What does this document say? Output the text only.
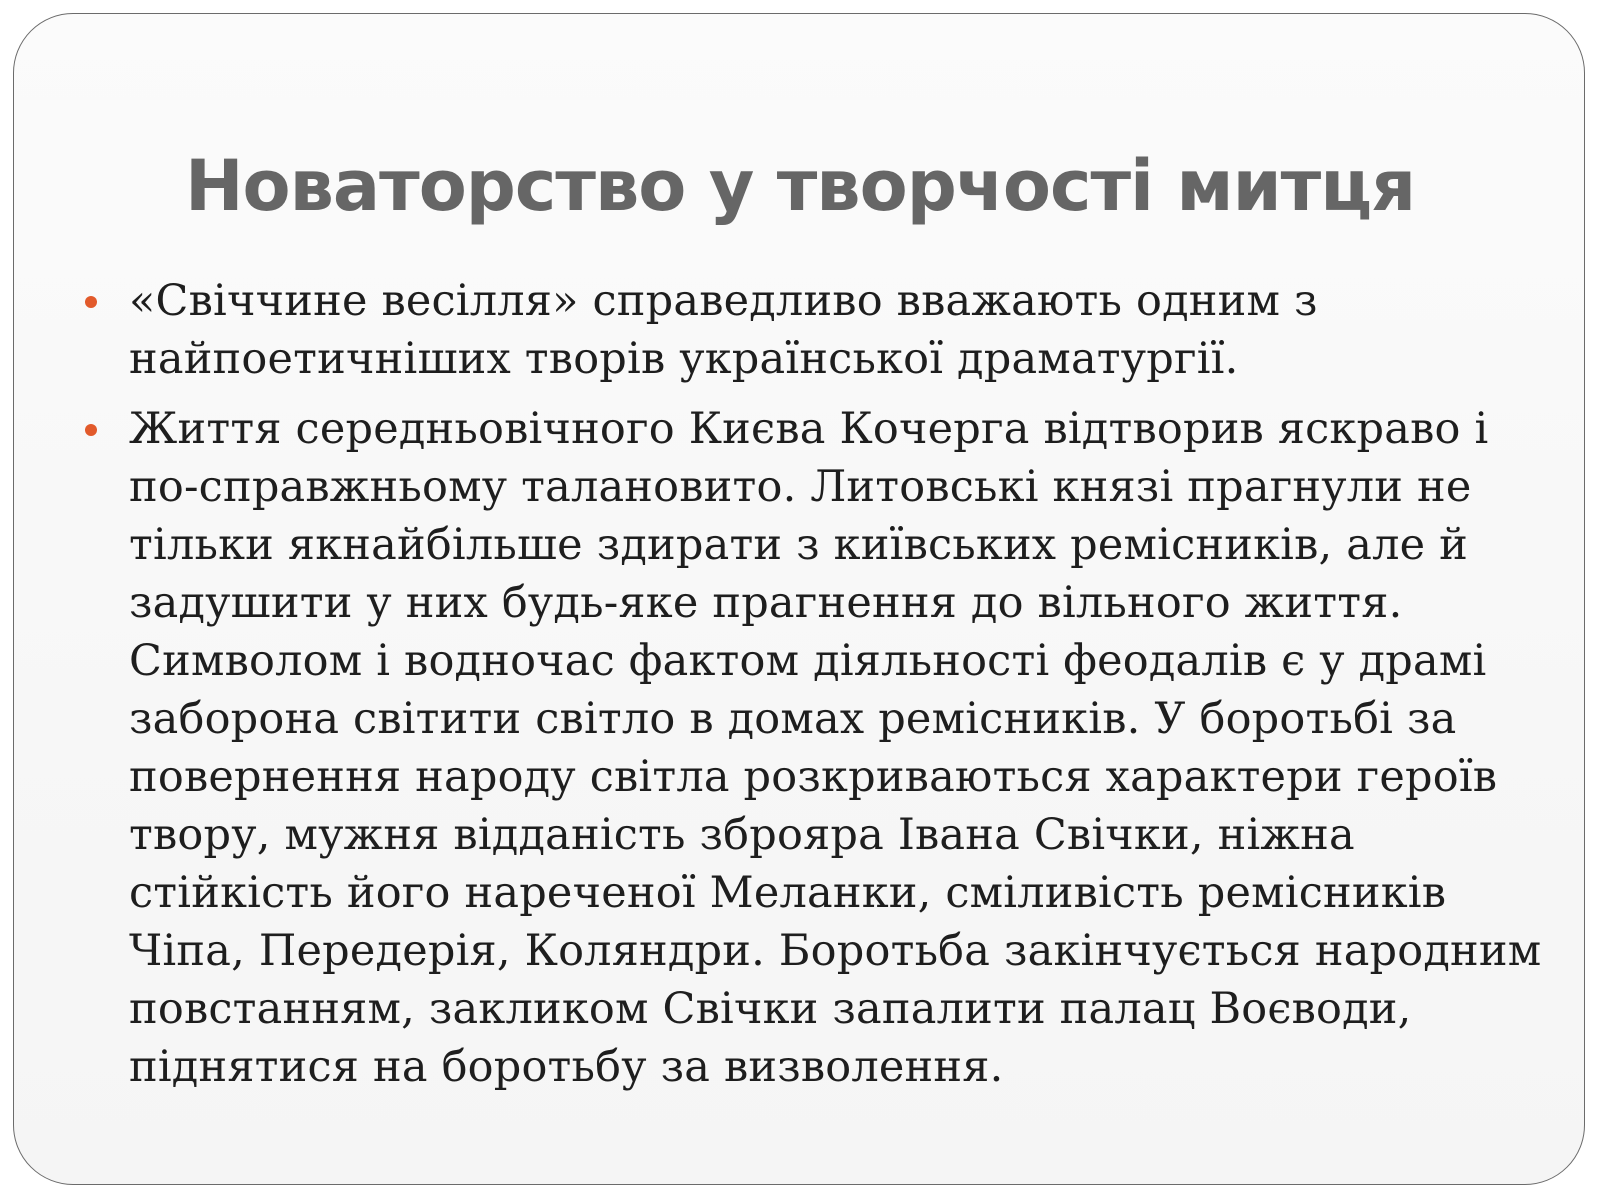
Новаторство у творчості митця
«Свіччине весілля» справедливо вважають одним з найпоетичніших творів української драматургії.
Життя середньовічного Києва Кочерга відтворив яскраво і по-справжньому талановито. Литовські князі прагнули не тільки якнайбільше здирати з київських ремісників, але й задушити у них будь-яке прагнення до вільного життя. Символом і водночас фактом діяльності феодалів є у драмі заборона світити світло в домах ремісників. У боротьбі за повернення народу світла розкриваються характери героїв твору, мужня відданість зброяра Івана Свічки, ніжна стійкість його нареченої Меланки, сміливість ремісників Чіпа, Передерія, Коляндри. Боротьба закінчується народним повстанням, закликом Свічки запалити палац Воєводи, піднятися на боротьбу за визволення.
